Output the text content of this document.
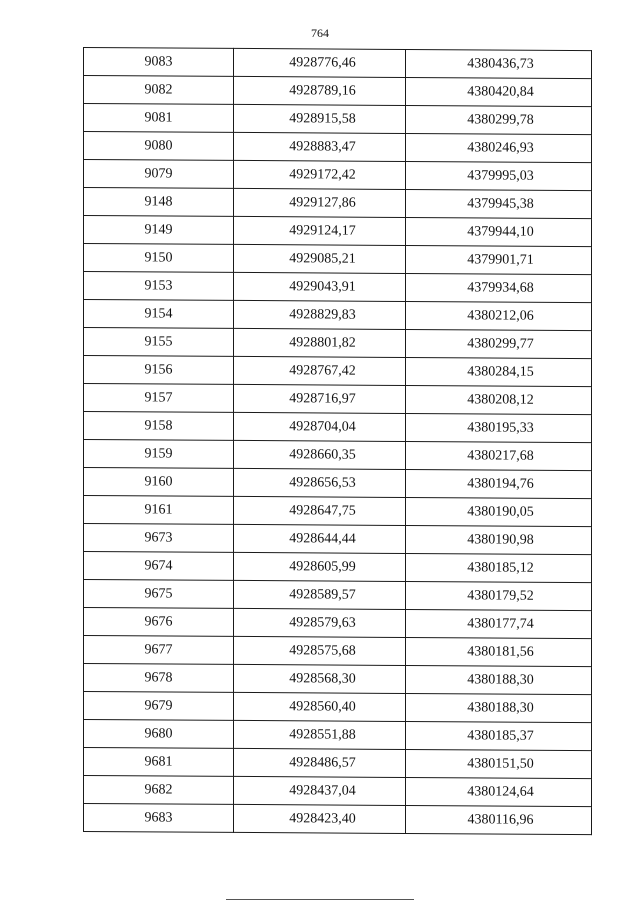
764
9083	4928776,46	4380436,73
9082	4928789,16	4380420,84
9081	4928915,58	4380299,78
9080	4928883,47	4380246,93
9079	4929172,42	4379995,03
9148	4929127,86	4379945,38
9149	4929124,17	4379944,10
9150	4929085,21	4379901,71
9153	4929043,91	4379934,68
9154	4928829,83	4380212,06
9155	4928801,82	4380299,77
9156	4928767,42	4380284,15
9157	4928716,97	4380208,12
9158	4928704,04	4380195,33
9159	4928660,35	4380217,68
9160	4928656,53	4380194,76
9161	4928647,75	4380190,05
9673	4928644,44	4380190,98
9674	4928605,99	4380185,12
9675	4928589,57	4380179,52
9676	4928579,63	4380177,74
9677	4928575,68	4380181,56
9678	4928568,30	4380188,30
9679	4928560,40	4380188,30
9680	4928551,88	4380185,37
9681	4928486,57	4380151,50
9682	4928437,04	4380124,64
9683	4928423,40	4380116,96
